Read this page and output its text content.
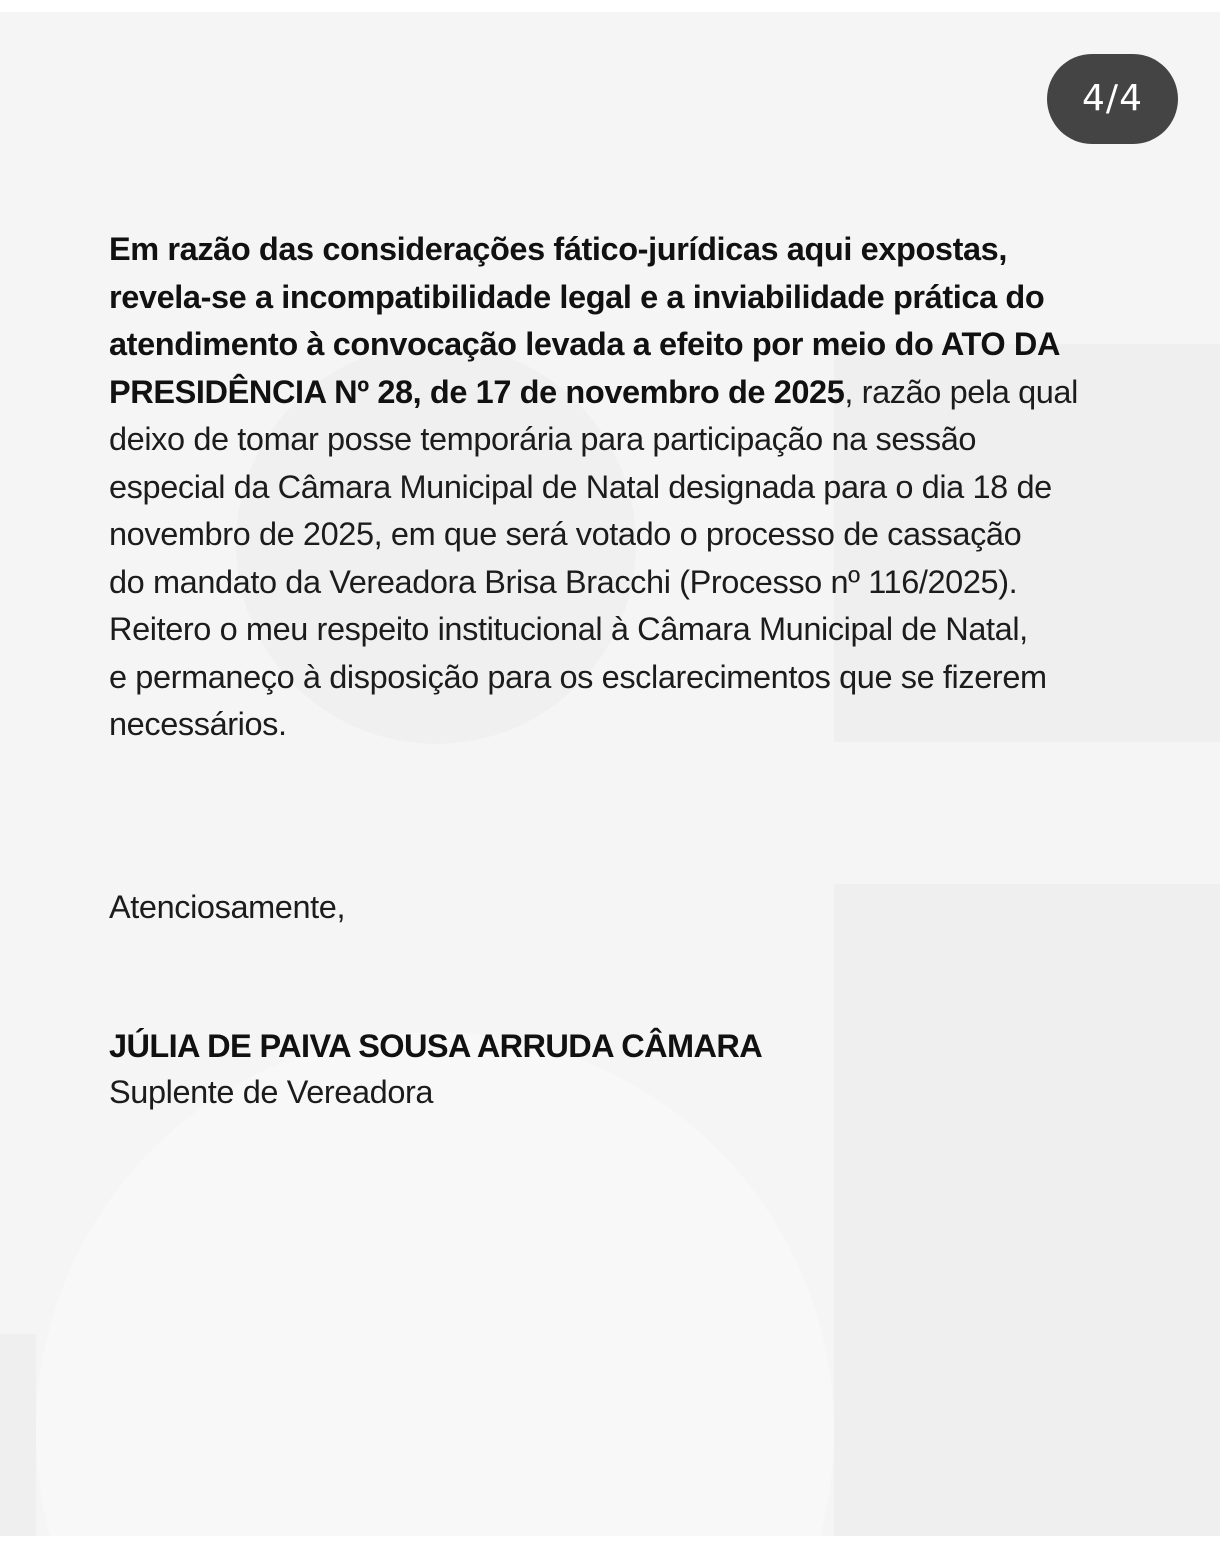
4/4

Em razão das considerações fático-jurídicas aqui expostas,
revela-se a incompatibilidade legal e a inviabilidade prática do
atendimento à convocação levada a efeito por meio do ATO DA
PRESIDÊNCIA Nº 28, de 17 de novembro de 2025, razão pela qual
deixo de tomar posse temporária para participação na sessão
especial da Câmara Municipal de Natal designada para o dia 18 de
novembro de 2025, em que será votado o processo de cassação
do mandato da Vereadora Brisa Bracchi (Processo nº 116/2025).
Reitero o meu respeito institucional à Câmara Municipal de Natal,
e permaneço à disposição para os esclarecimentos que se fizerem
necessários.

Atenciosamente,
JÚLIA DE PAIVA SOUSA ARRUDA CÂMARA
Suplente de Vereadora
